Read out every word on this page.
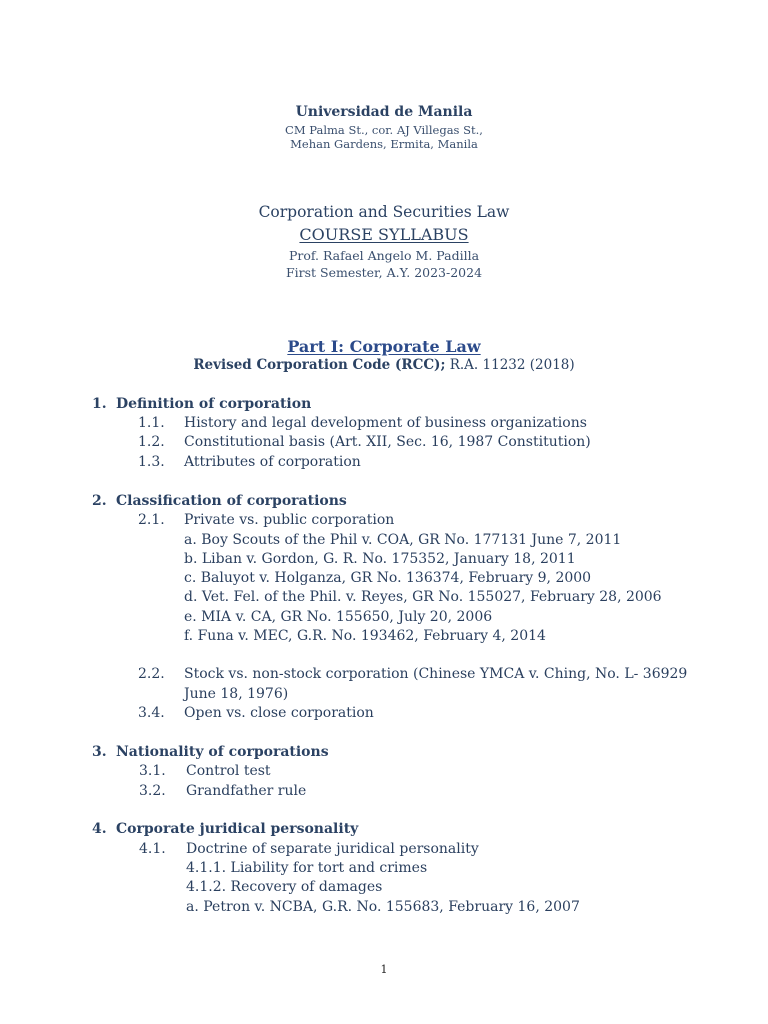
Universidad de Manila
CM Palma St., cor. AJ Villegas St.,
Mehan Gardens, Ermita, Manila
Corporation and Securities Law
COURSE SYLLABUS
Prof. Rafael Angelo M. Padilla
First Semester, A.Y. 2023-2024
Part I: Corporate Law
Revised Corporation Code (RCC); R.A. 11232 (2018)
1. Definition of corporation
1.1. History and legal development of business organizations
1.2. Constitutional basis (Art. XII, Sec. 16, 1987 Constitution)
1.3. Attributes of corporation
2. Classification of corporations
2.1. Private vs. public corporation
a. Boy Scouts of the Phil v. COA, GR No. 177131 June 7, 2011
b. Liban v. Gordon, G. R. No. 175352, January 18, 2011
c. Baluyot v. Holganza, GR No. 136374, February 9, 2000
d. Vet. Fel. of the Phil. v. Reyes, GR No. 155027, February 28, 2006
e. MIA v. CA, GR No. 155650, July 20, 2006
f. Funa v. MEC, G.R. No. 193462, February 4, 2014
2.2. Stock vs. non-stock corporation (Chinese YMCA v. Ching, No. L- 36929
June 18, 1976)
3.4. Open vs. close corporation
3. Nationality of corporations
3.1. Control test
3.2. Grandfather rule
4. Corporate juridical personality
4.1. Doctrine of separate juridical personality
4.1.1. Liability for tort and crimes
4.1.2. Recovery of damages
a. Petron v. NCBA, G.R. No. 155683, February 16, 2007
1
